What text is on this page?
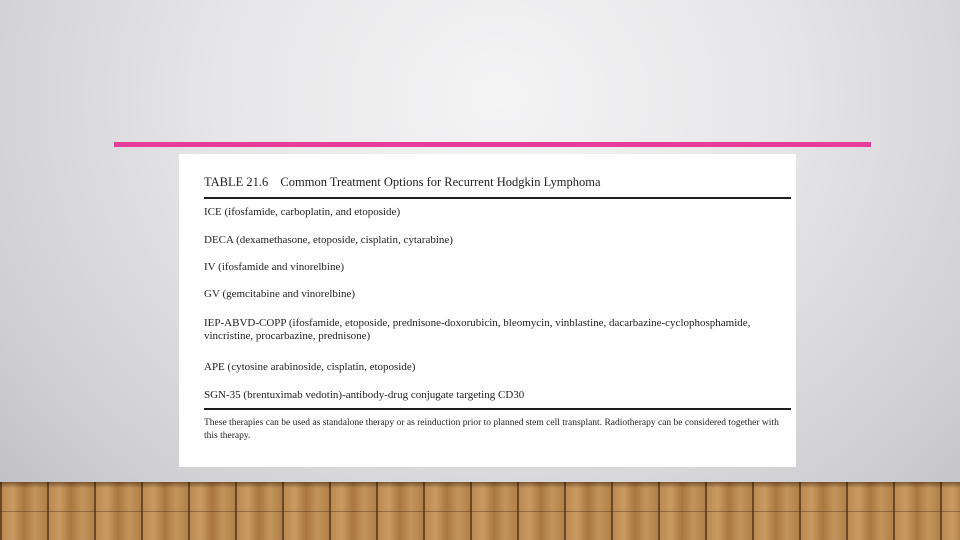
TABLE 21.6 Common Treatment Options for Recurrent Hodgkin Lymphoma
ICE (ifosfamide, carboplatin, and etoposide)
DECA (dexamethasone, etoposide, cisplatin, cytarabine)
IV (ifosfamide and vinorelbine)
GV (gemcitabine and vinorelbine)
IEP-ABVD-COPP (ifosfamide, etoposide, prednisone-doxorubicin, bleomycin, vinblastine, dacarbazine-cyclophosphamide, vincristine, procarbazine, prednisone)
APE (cytosine arabinoside, cisplatin, etoposide)
SGN-35 (brentuximab vedotin)-antibody-drug conjugate targeting CD30
These therapies can be used as standalone therapy or as reinduction prior to planned stem cell transplant. Radiotherapy can be considered together with this therapy.
